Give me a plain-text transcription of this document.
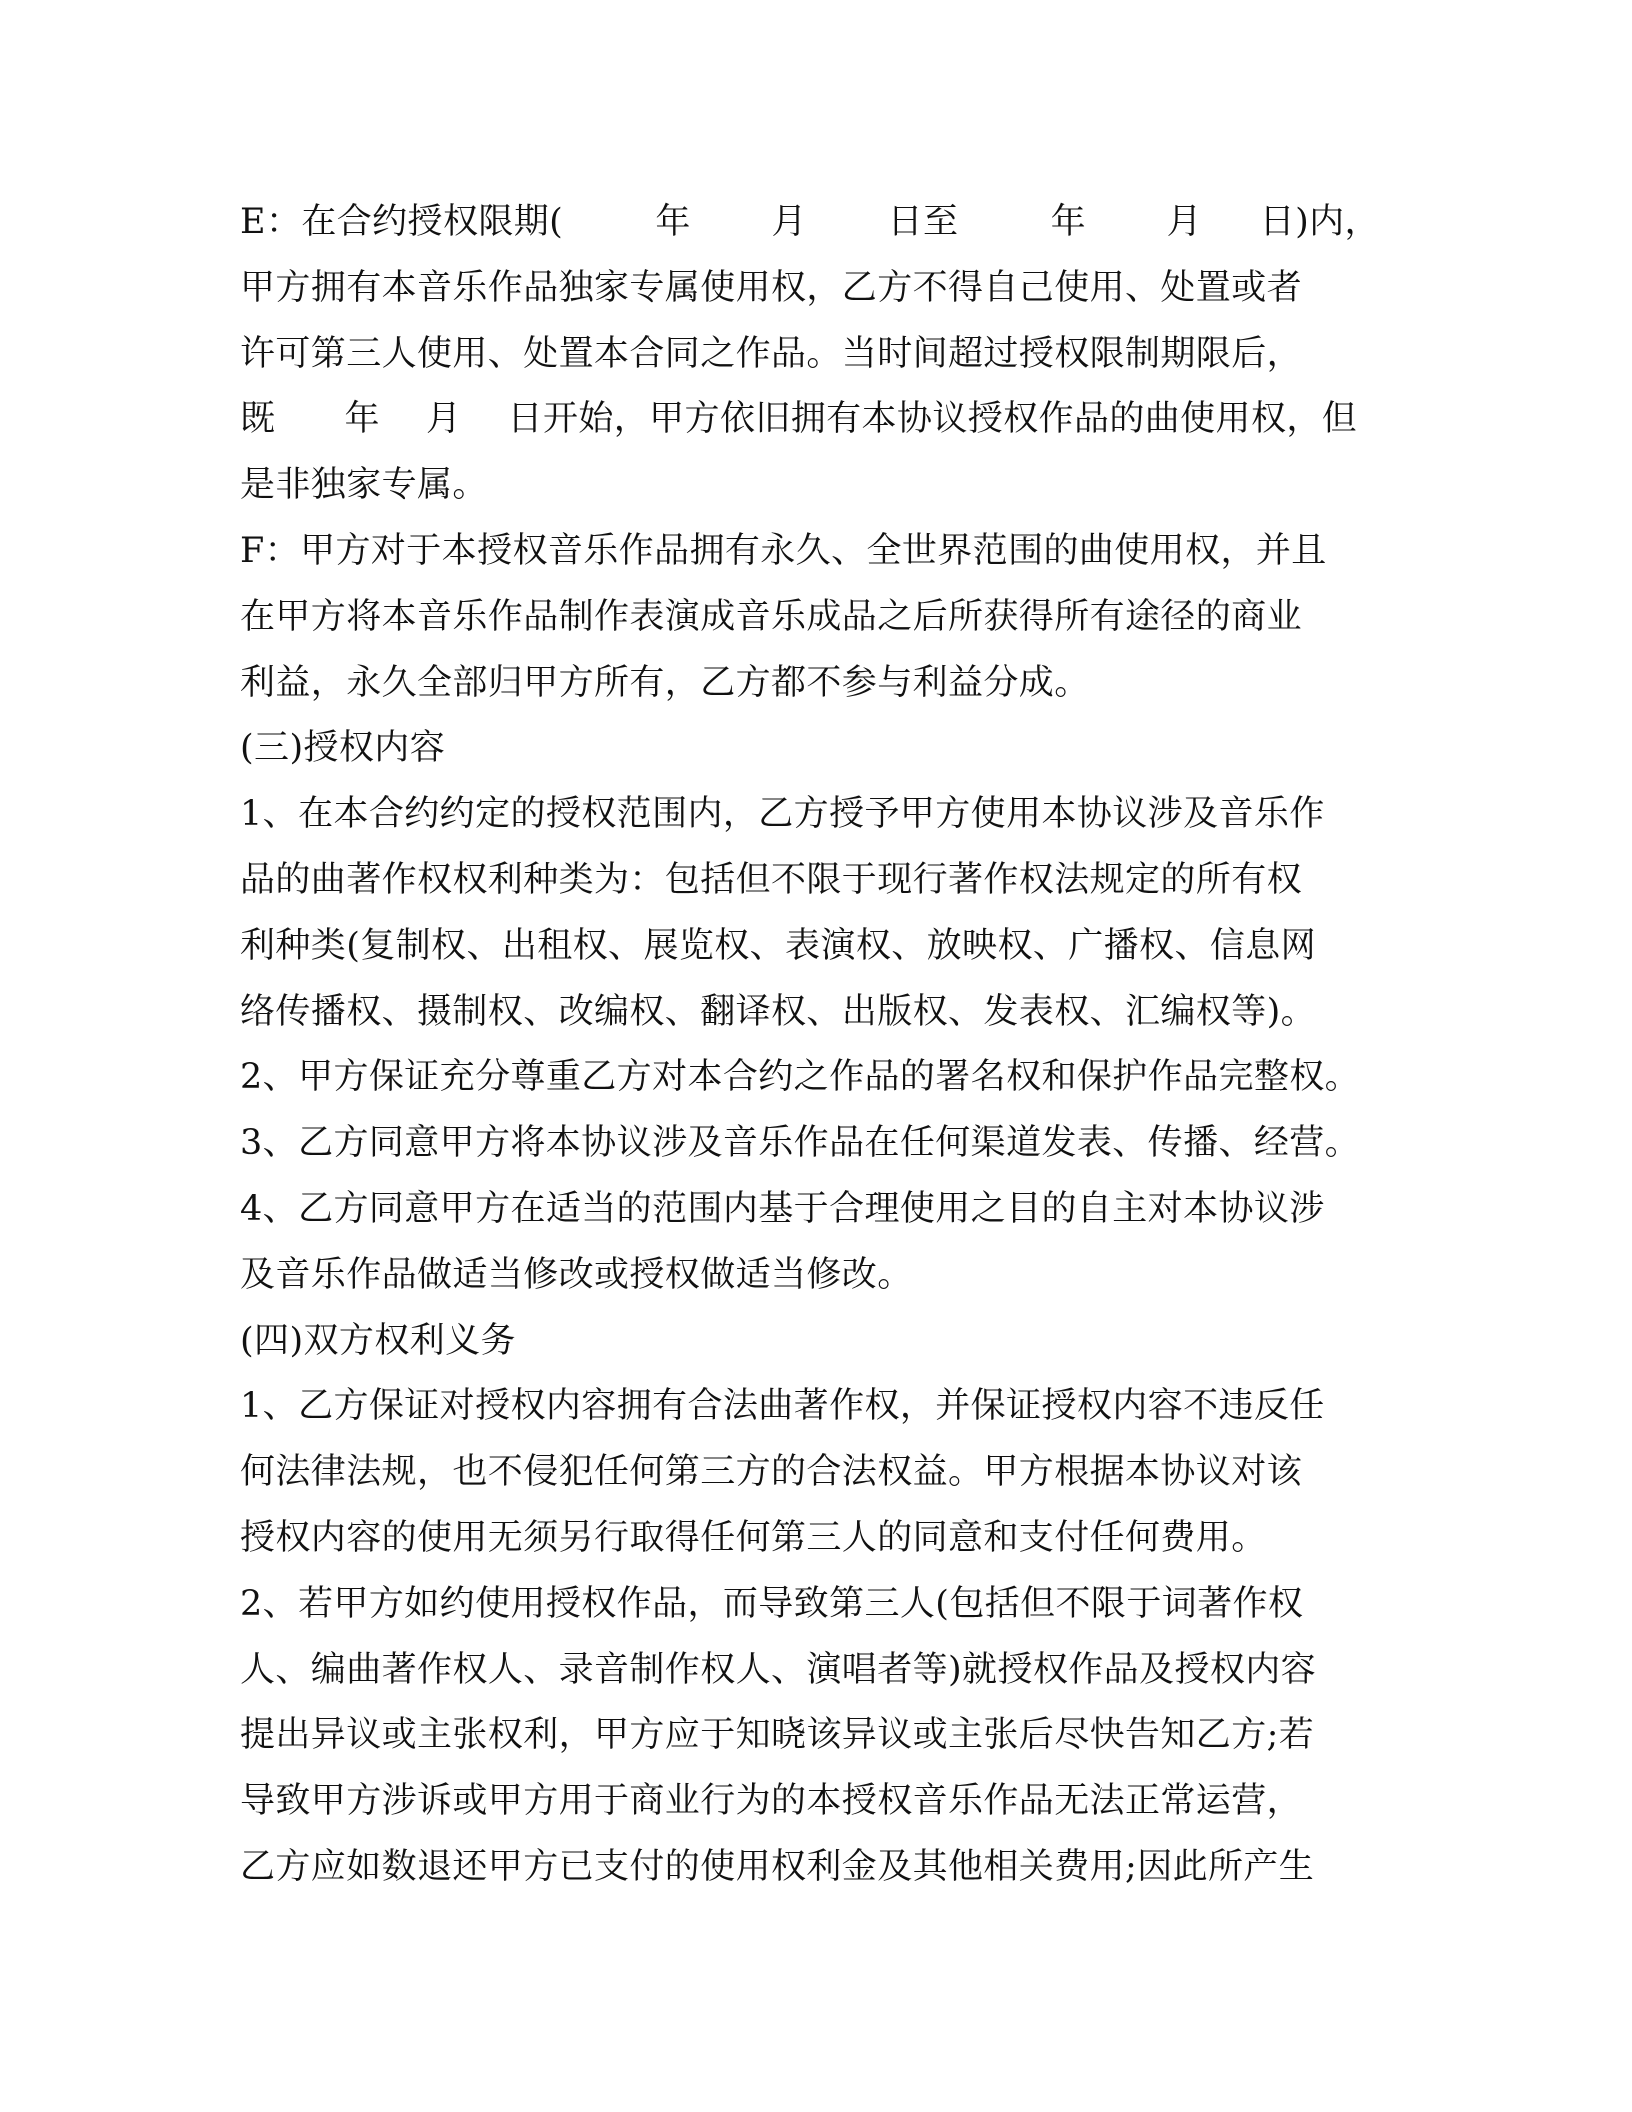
E：在合约授权限期(        年       月       日至        年       月     日)内，
甲方拥有本音乐作品独家专属使用权，乙方不得自己使用、处置或者
许可第三人使用、处置本合同之作品。当时间超过授权限制期限后，
既      年    月    日开始，甲方依旧拥有本协议授权作品的曲使用权，但
是非独家专属。
F：甲方对于本授权音乐作品拥有永久、全世界范围的曲使用权，并且
在甲方将本音乐作品制作表演成音乐成品之后所获得所有途径的商业
利益，永久全部归甲方所有，乙方都不参与利益分成。
(三)授权内容
1、在本合约约定的授权范围内，乙方授予甲方使用本协议涉及音乐作
品的曲著作权权利种类为：包括但不限于现行著作权法规定的所有权
利种类(复制权、出租权、展览权、表演权、放映权、广播权、信息网
络传播权、摄制权、改编权、翻译权、出版权、发表权、汇编权等)。
2、甲方保证充分尊重乙方对本合约之作品的署名权和保护作品完整权。
3、乙方同意甲方将本协议涉及音乐作品在任何渠道发表、传播、经营。
4、乙方同意甲方在适当的范围内基于合理使用之目的自主对本协议涉
及音乐作品做适当修改或授权做适当修改。
(四)双方权利义务
1、乙方保证对授权内容拥有合法曲著作权，并保证授权内容不违反任
何法律法规，也不侵犯任何第三方的合法权益。甲方根据本协议对该
授权内容的使用无须另行取得任何第三人的同意和支付任何费用。
2、若甲方如约使用授权作品，而导致第三人(包括但不限于词著作权
人、编曲著作权人、录音制作权人、演唱者等)就授权作品及授权内容
提出异议或主张权利，甲方应于知晓该异议或主张后尽快告知乙方;若
导致甲方涉诉或甲方用于商业行为的本授权音乐作品无法正常运营，
乙方应如数退还甲方已支付的使用权利金及其他相关费用;因此所产生
